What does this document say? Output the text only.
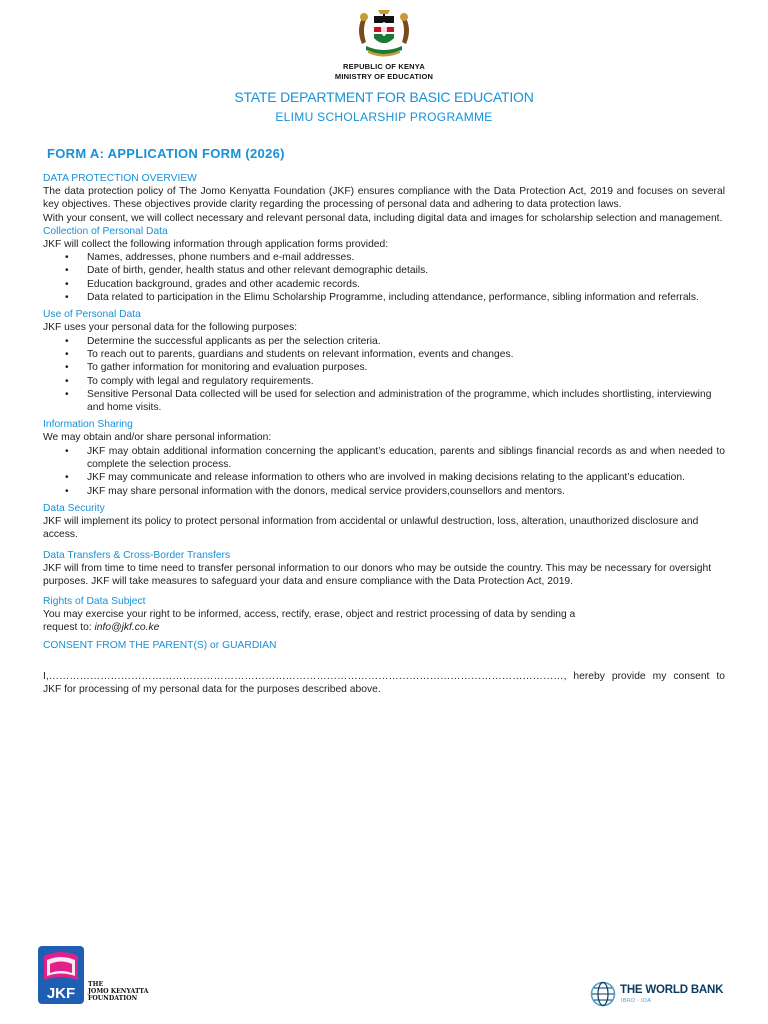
REPUBLIC OF KENYA
MINISTRY OF EDUCATION
STATE DEPARTMENT FOR BASIC EDUCATION
ELIMU SCHOLARSHIP PROGRAMME
FORM A: APPLICATION FORM (2026)
DATA PROTECTION OVERVIEW
The data protection policy of The Jomo Kenyatta Foundation (JKF) ensures compliance with the Data Protection Act, 2019 and focuses on several key objectives. These objectives provide clarity regarding the processing of personal data and adhering to data protection laws.
With your consent, we will collect necessary and relevant personal data, including digital data and images for scholarship selection and management.
Collection of Personal Data
JKF will collect the following information through application forms provided:
• Names, addresses, phone numbers and e-mail addresses.
• Date of birth, gender, health status and other relevant demographic details.
• Education background, grades and other academic records.
• Data related to participation in the Elimu Scholarship Programme, including attendance, performance, sibling information and referrals.
Use of Personal Data
JKF uses your personal data for the following purposes:
• Determine the successful applicants as per the selection criteria.
• To reach out to parents, guardians and students on relevant information, events and changes.
• To gather information for monitoring and evaluation purposes.
• To comply with legal and regulatory requirements.
• Sensitive Personal Data collected will be used for selection and administration of the programme, which includes shortlisting, interviewing and home visits.
Information Sharing
We may obtain and/or share personal information:
• JKF may obtain additional information concerning the applicant’s education, parents and siblings financial records as and when needed to complete the selection process.
• JKF may communicate and release information to others who are involved in making decisions relating to the applicant’s education.
• JKF may share personal information with the donors, medical service providers,counsellors and mentors.
Data Security
JKF will implement its policy to protect personal information from accidental or unlawful destruction, loss, alteration, unauthorized disclosure and access.
Data Transfers & Cross-Border Transfers
JKF will from time to time need to transfer personal information to our donors who may be outside the country. This may be necessary for oversight purposes. JKF will take measures to safeguard your data and ensure compliance with the Data Protection Act, 2019.
Rights of Data Subject
You may exercise your right to be informed, access, rectify, erase, object and restrict processing of data by sending a
request to: info@jkf.co.ke
CONSENT FROM THE PARENT(S) or GUARDIAN
I,……………………………………………………………………………………………………………………………………, hereby provide my consent to JKF for processing of my personal data for the purposes described above.
JKF
THE
JOMO KENYATTA
FOUNDATION
THE WORLD BANK
IBRD · IDA
